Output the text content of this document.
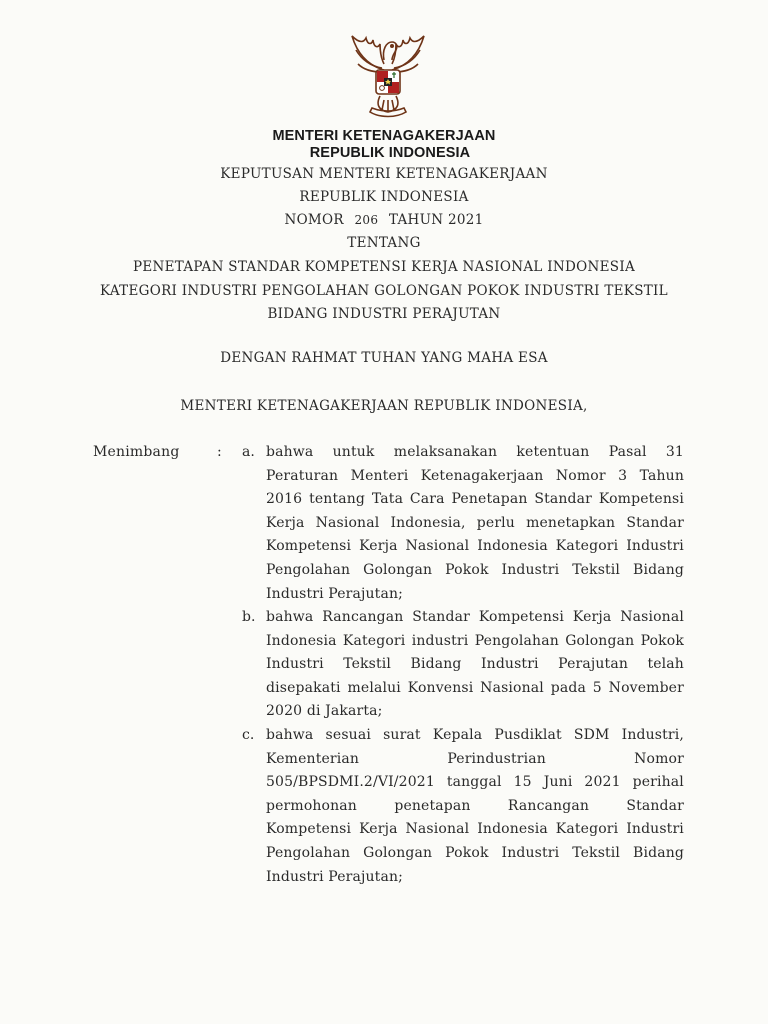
MENTERI KETENAGAKERJAAN
REPUBLIK INDONESIA
KEPUTUSAN MENTERI KETENAGAKERJAAN
REPUBLIK INDONESIA
NOMOR 206 TAHUN 2021
TENTANG
PENETAPAN STANDAR KOMPETENSI KERJA NASIONAL INDONESIA
KATEGORI INDUSTRI PENGOLAHAN GOLONGAN POKOK INDUSTRI TEKSTIL
BIDANG INDUSTRI PERAJUTAN
DENGAN RAHMAT TUHAN YANG MAHA ESA
MENTERI KETENAGAKERJAAN REPUBLIK INDONESIA,
Menimbang	: a. bahwa untuk melaksanakan ketentuan Pasal 31
Peraturan Menteri Ketenagakerjaan Nomor 3 Tahun
2016 tentang Tata Cara Penetapan Standar Kompetensi
Kerja Nasional Indonesia, perlu menetapkan Standar
Kompetensi Kerja Nasional Indonesia Kategori Industri
Pengolahan Golongan Pokok Industri Tekstil Bidang
Industri Perajutan;
b. bahwa Rancangan Standar Kompetensi Kerja Nasional
Indonesia Kategori industri Pengolahan Golongan Pokok
Industri Tekstil Bidang Industri Perajutan telah
disepakati melalui Konvensi Nasional pada 5 November
2020 di Jakarta;
c. bahwa sesuai surat Kepala Pusdiklat SDM Industri,
Kementerian	Perindustrian	Nomor
505/BPSDMI.2/VI/2021 tanggal 15 Juni 2021 perihal
permohonan	penetapan	Rancangan	Standar
Kompetensi Kerja Nasional Indonesia Kategori Industri
Pengolahan Golongan Pokok Industri Tekstil Bidang
Industri Perajutan;
